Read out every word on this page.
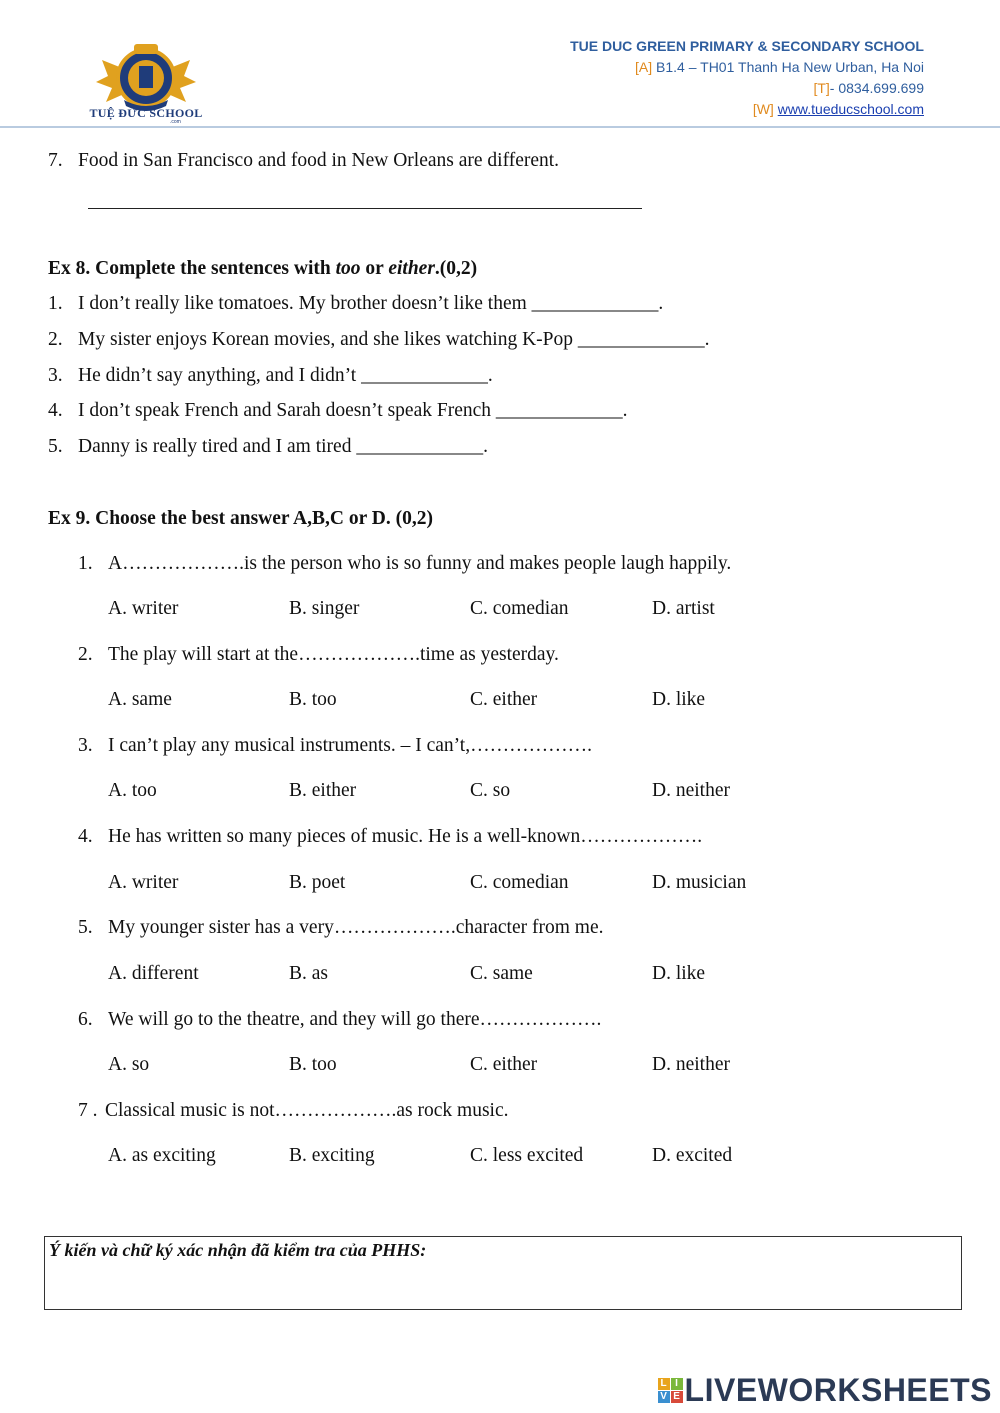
TUỆ ĐỨC SCHOOL
.com
TUE DUC GREEN PRIMARY & SECONDARY SCHOOL
[A] B1.4 – TH01 Thanh Ha New Urban, Ha Noi
[T]- 0834.699.699
[W] www.tueducschool.com
7. Food in San Francisco and food in New Orleans are different.
Ex 8. Complete the sentences with too or either.(0,2)
1. I don’t really like tomatoes. My brother doesn’t like them _____________.
2. My sister enjoys Korean movies, and she likes watching K-Pop _____________.
3. He didn’t say anything, and I didn’t _____________.
4. I don’t speak French and Sarah doesn’t speak French _____________.
5. Danny is really tired and I am tired _____________.
Ex 9. Choose the best answer A,B,C or D. (0,2)
1. A……………….is the person who is so funny and makes people laugh happily.
A. writer	B. singer	C. comedian	D. artist
2. The play will start at the……………….time as yesterday.
A. same	B. too	C. either	D. like
3. I can’t play any musical instruments. – I can’t,……………….
A. too	B. either	C. so	D. neither
4. He has written so many pieces of music. He is a well-known……………….
A. writer	B. poet	C. comedian	D. musician
5. My younger sister has a very……………….character from me.
A. different	B. as	C. same	D. like
6. We will go to the theatre, and they will go there……………….
A. so	B. too	C. either	D. neither
7 . Classical music is not……………….as rock music.
A. as exciting	B. exciting	C. less excited	D. excited
Ý kiến và chữ ký xác nhận đã kiểm tra của PHHS:
L I
V E LIVEWORKSHEETS
